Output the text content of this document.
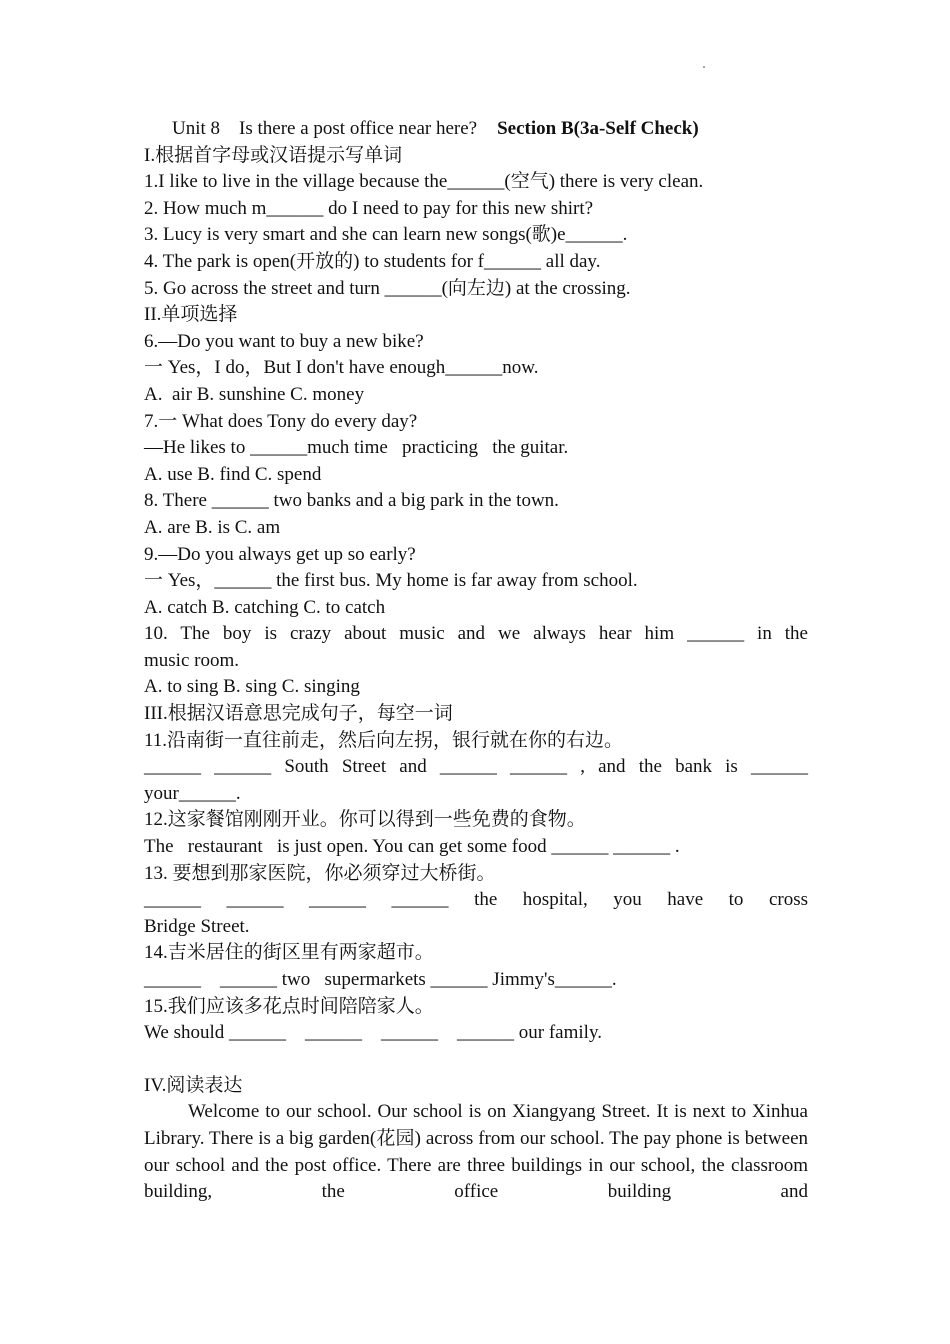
Unit 8    Is there a post office near here? Section B(3a-Self Check)
I.根据首字母或汉语提示写单词
1.I like to live in the village because the______(空气) there is very clean.
2. How much m______ do I need to pay for this new shirt?
3. Lucy is very smart and she can learn new songs(歌)e______.
4. The park is open(开放的) to students for f______ all day.
5. Go across the street and turn ______(向左边) at the crossing.
II.单项选择
6.—Do you want to buy a new bike?
一 Yes，I do，But I don't have enough______now.
A.  air B. sunshine C. money
7.一 What does Tony do every day?
—He likes to ______much time   practicing   the guitar.
A. use B. find C. spend
8. There ______ two banks and a big park in the town.
A. are B. is C. am
9.—Do you always get up so early?
一 Yes，______ the first bus. My home is far away from school.
A. catch B. catching C. to catch
10. The boy is crazy about music and we always hear him ______ in the
music room.
A. to sing B. sing C. singing
III.根据汉语意思完成句子，每空一词
11.沿南街一直往前走，然后向左拐，银行就在你的右边。
______ ______ South Street and ______ ______ , and the bank is ______
your______.
12.这家餐馆刚刚开业。你可以得到一些免费的食物。
The   restaurant   is just open. You can get some food ______ ______ .
13. 要想到那家医院，你必须穿过大桥街。
______ ______ ______ ______ the hospital, you have to cross
Bridge Street.
14.吉米居住的街区里有两家超市。
______    ______ two   supermarkets ______ Jimmy's______.
15.我们应该多花点时间陪陪家人。
We should ______    ______    ______    ______ our family.
IV.阅读表达
Welcome to our school. Our school is on Xiangyang Street. It is next to Xinhua Library. There is a big garden(花园) across from our school. The pay phone is between our school and the post office. There are three buildings in our school, the classroom building, the office building and
